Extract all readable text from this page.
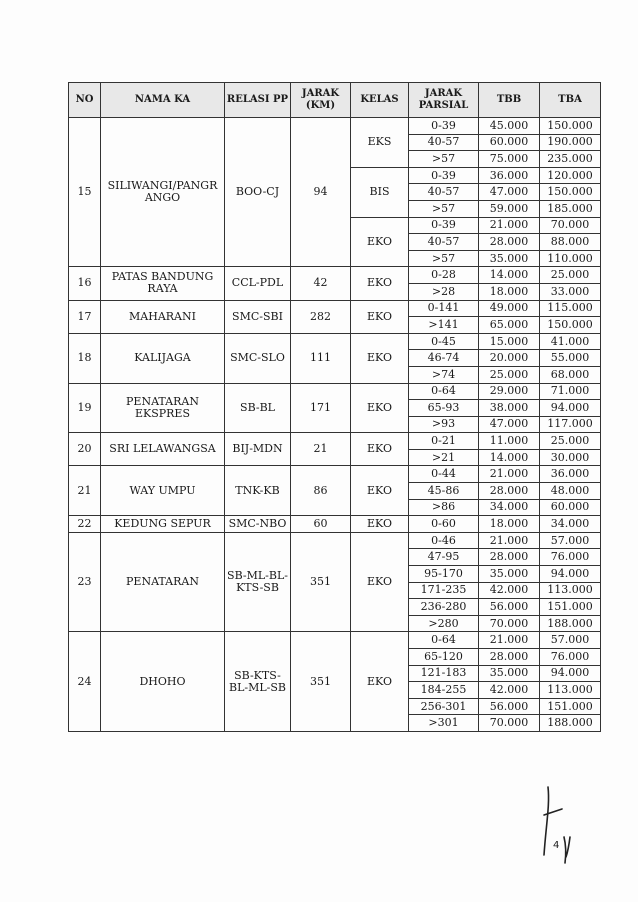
NO	NAMA KA	RELASI PP	JARAK (KM)	KELAS	JARAK PARSIAL	TBB	TBA
15	SILIWANGI/PANGR ANGO	BOO-CJ	94	EKS	0-39	45.000	150.000
					40-57	60.000	190.000
					>57	75.000	235.000
				BIS	0-39	36.000	120.000
					40-57	47.000	150.000
					>57	59.000	185.000
				EKO	0-39	21.000	70.000
					40-57	28.000	88.000
					>57	35.000	110.000
16	PATAS BANDUNG RAYA	CCL-PDL	42	EKO	0-28	14.000	25.000
					>28	18.000	33.000
17	MAHARANI	SMC-SBI	282	EKO	0-141	49.000	115.000
					>141	65.000	150.000
18	KALIJAGA	SMC-SLO	111	EKO	0-45	15.000	41.000
					46-74	20.000	55.000
					>74	25.000	68.000
19	PENATARAN EKSPRES	SB-BL	171	EKO	0-64	29.000	71.000
					65-93	38.000	94.000
					>93	47.000	117.000
20	SRI LELAWANGSA	BIJ-MDN	21	EKO	0-21	11.000	25.000
					>21	14.000	30.000
21	WAY UMPU	TNK-KB	86	EKO	0-44	21.000	36.000
					45-86	28.000	48.000
					>86	34.000	60.000
22	KEDUNG SEPUR	SMC-NBO	60	EKO	0-60	18.000	34.000
23	PENATARAN	SB-ML-BL-KTS-SB	351	EKO	0-46	21.000	57.000
					47-95	28.000	76.000
					95-170	35.000	94.000
					171-235	42.000	113.000
					236-280	56.000	151.000
					>280	70.000	188.000
24	DHOHO	SB-KTS-BL-ML-SB	351	EKO	0-64	21.000	57.000
					65-120	28.000	76.000
					121-183	35.000	94.000
					184-255	42.000	113.000
					256-301	56.000	151.000
					>301	70.000	188.000
4
